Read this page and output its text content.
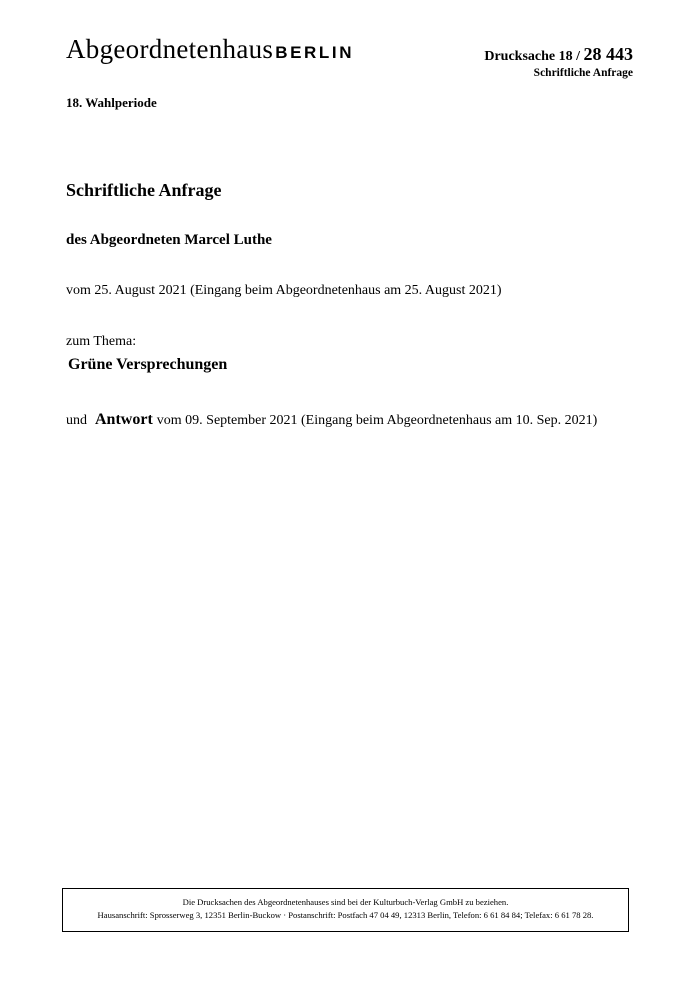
Abgeordnetenhaus BERLIN	Drucksache 18 / 28 443
Schriftliche Anfrage
18. Wahlperiode
Schriftliche Anfrage
des Abgeordneten Marcel Luthe
vom 25. August 2021 (Eingang beim Abgeordnetenhaus am 25. August 2021)
zum Thema:
Grüne Versprechungen
und Antwort vom 09. September 2021 (Eingang beim Abgeordnetenhaus am 10. Sep. 2021)
Die Drucksachen des Abgeordnetenhauses sind bei der Kulturbuch-Verlag GmbH zu beziehen.
Hausanschrift: Sprosserweg 3, 12351 Berlin-Buckow · Postanschrift: Postfach 47 04 49, 12313 Berlin, Telefon: 6 61 84 84; Telefax: 6 61 78 28.
